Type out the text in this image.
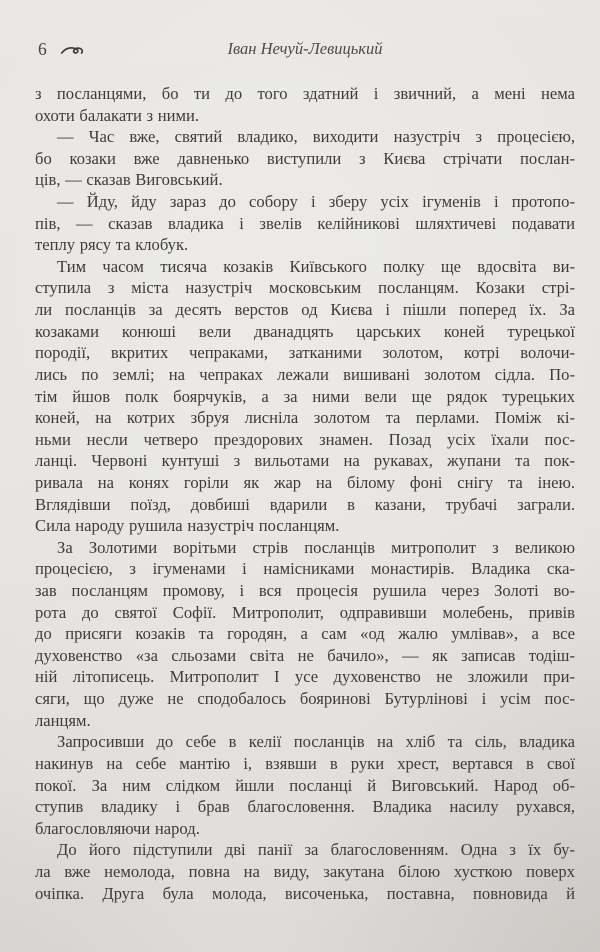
6	Іван Нечуй-Левицький
з посланцями, бо ти до того здатний і звичний, а мені нема
охоти балакати з ними.
— Час вже, святий владико, виходити назустріч з процесією,
бо козаки вже давненько виступили з Києва стрічати послан-
ців, — сказав Виговський.
— Йду, йду зараз до собору і зберу усіх ігуменів і протопо-
пів, — сказав владика і звелів келійникові шляхтичеві подавати
теплу рясу та клобук.
Тим часом тисяча козаків Київського полку ще вдосвіта ви-
ступила з міста назустріч московським посланцям. Козаки стрі-
ли посланців за десять верстов од Києва і пішли поперед їх. За
козаками конюші вели дванадцять царських коней турецької
породії, вкритих чепраками, затканими золотом, котрі волочи-
лись по землі; на чепраках лежали вишивані золотом сідла. По-
тім йшов полк боярчуків, а за ними вели ще рядок турецьких
коней, на котрих збруя лисніла золотом та перлами. Поміж кі-
ньми несли четверо прездорових знамен. Позад усіх їхали пос-
ланці. Червоні кунтуші з вильотами на рукавах, жупани та пок-
ривала на конях горіли як жар на білому фоні снігу та інею.
Вглядівши поїзд, довбиші вдарили в казани, трубачі заграли.
Сила народу рушила назустріч посланцям.
За Золотими ворітьми стрів посланців митрополит з великою
процесією, з ігуменами і намісниками монастирів. Владика ска-
зав посланцям промову, і вся процесія рушила через Золоті во-
рота до святої Софії. Митрополит, одправивши молебень, привів
до присяги козаків та городян, а сам «од жалю умлівав», а все
духовенство «за сльозами світа не бачило», — як записав тодіш-
ній літописець. Митрополит І усе духовенство не зложили при-
сяги, що дуже не сподобалось бояринові Бутурлінові і усім пос-
ланцям.
Запросивши до себе в келії посланців на хліб та сіль, владика
накинув на себе мантію і, взявши в руки хрест, вертався в свої
покої. За ним слідком йшли посланці й Виговський. Народ об-
ступив владику і брав благословення. Владика насилу рухався,
благословляючи народ.
До його підступили дві панії за благословенням. Одна з їх бу-
ла вже немолода, повна на виду, закутана білою хусткою поверх
очіпка. Друга була молода, височенька, поставна, повновида й
